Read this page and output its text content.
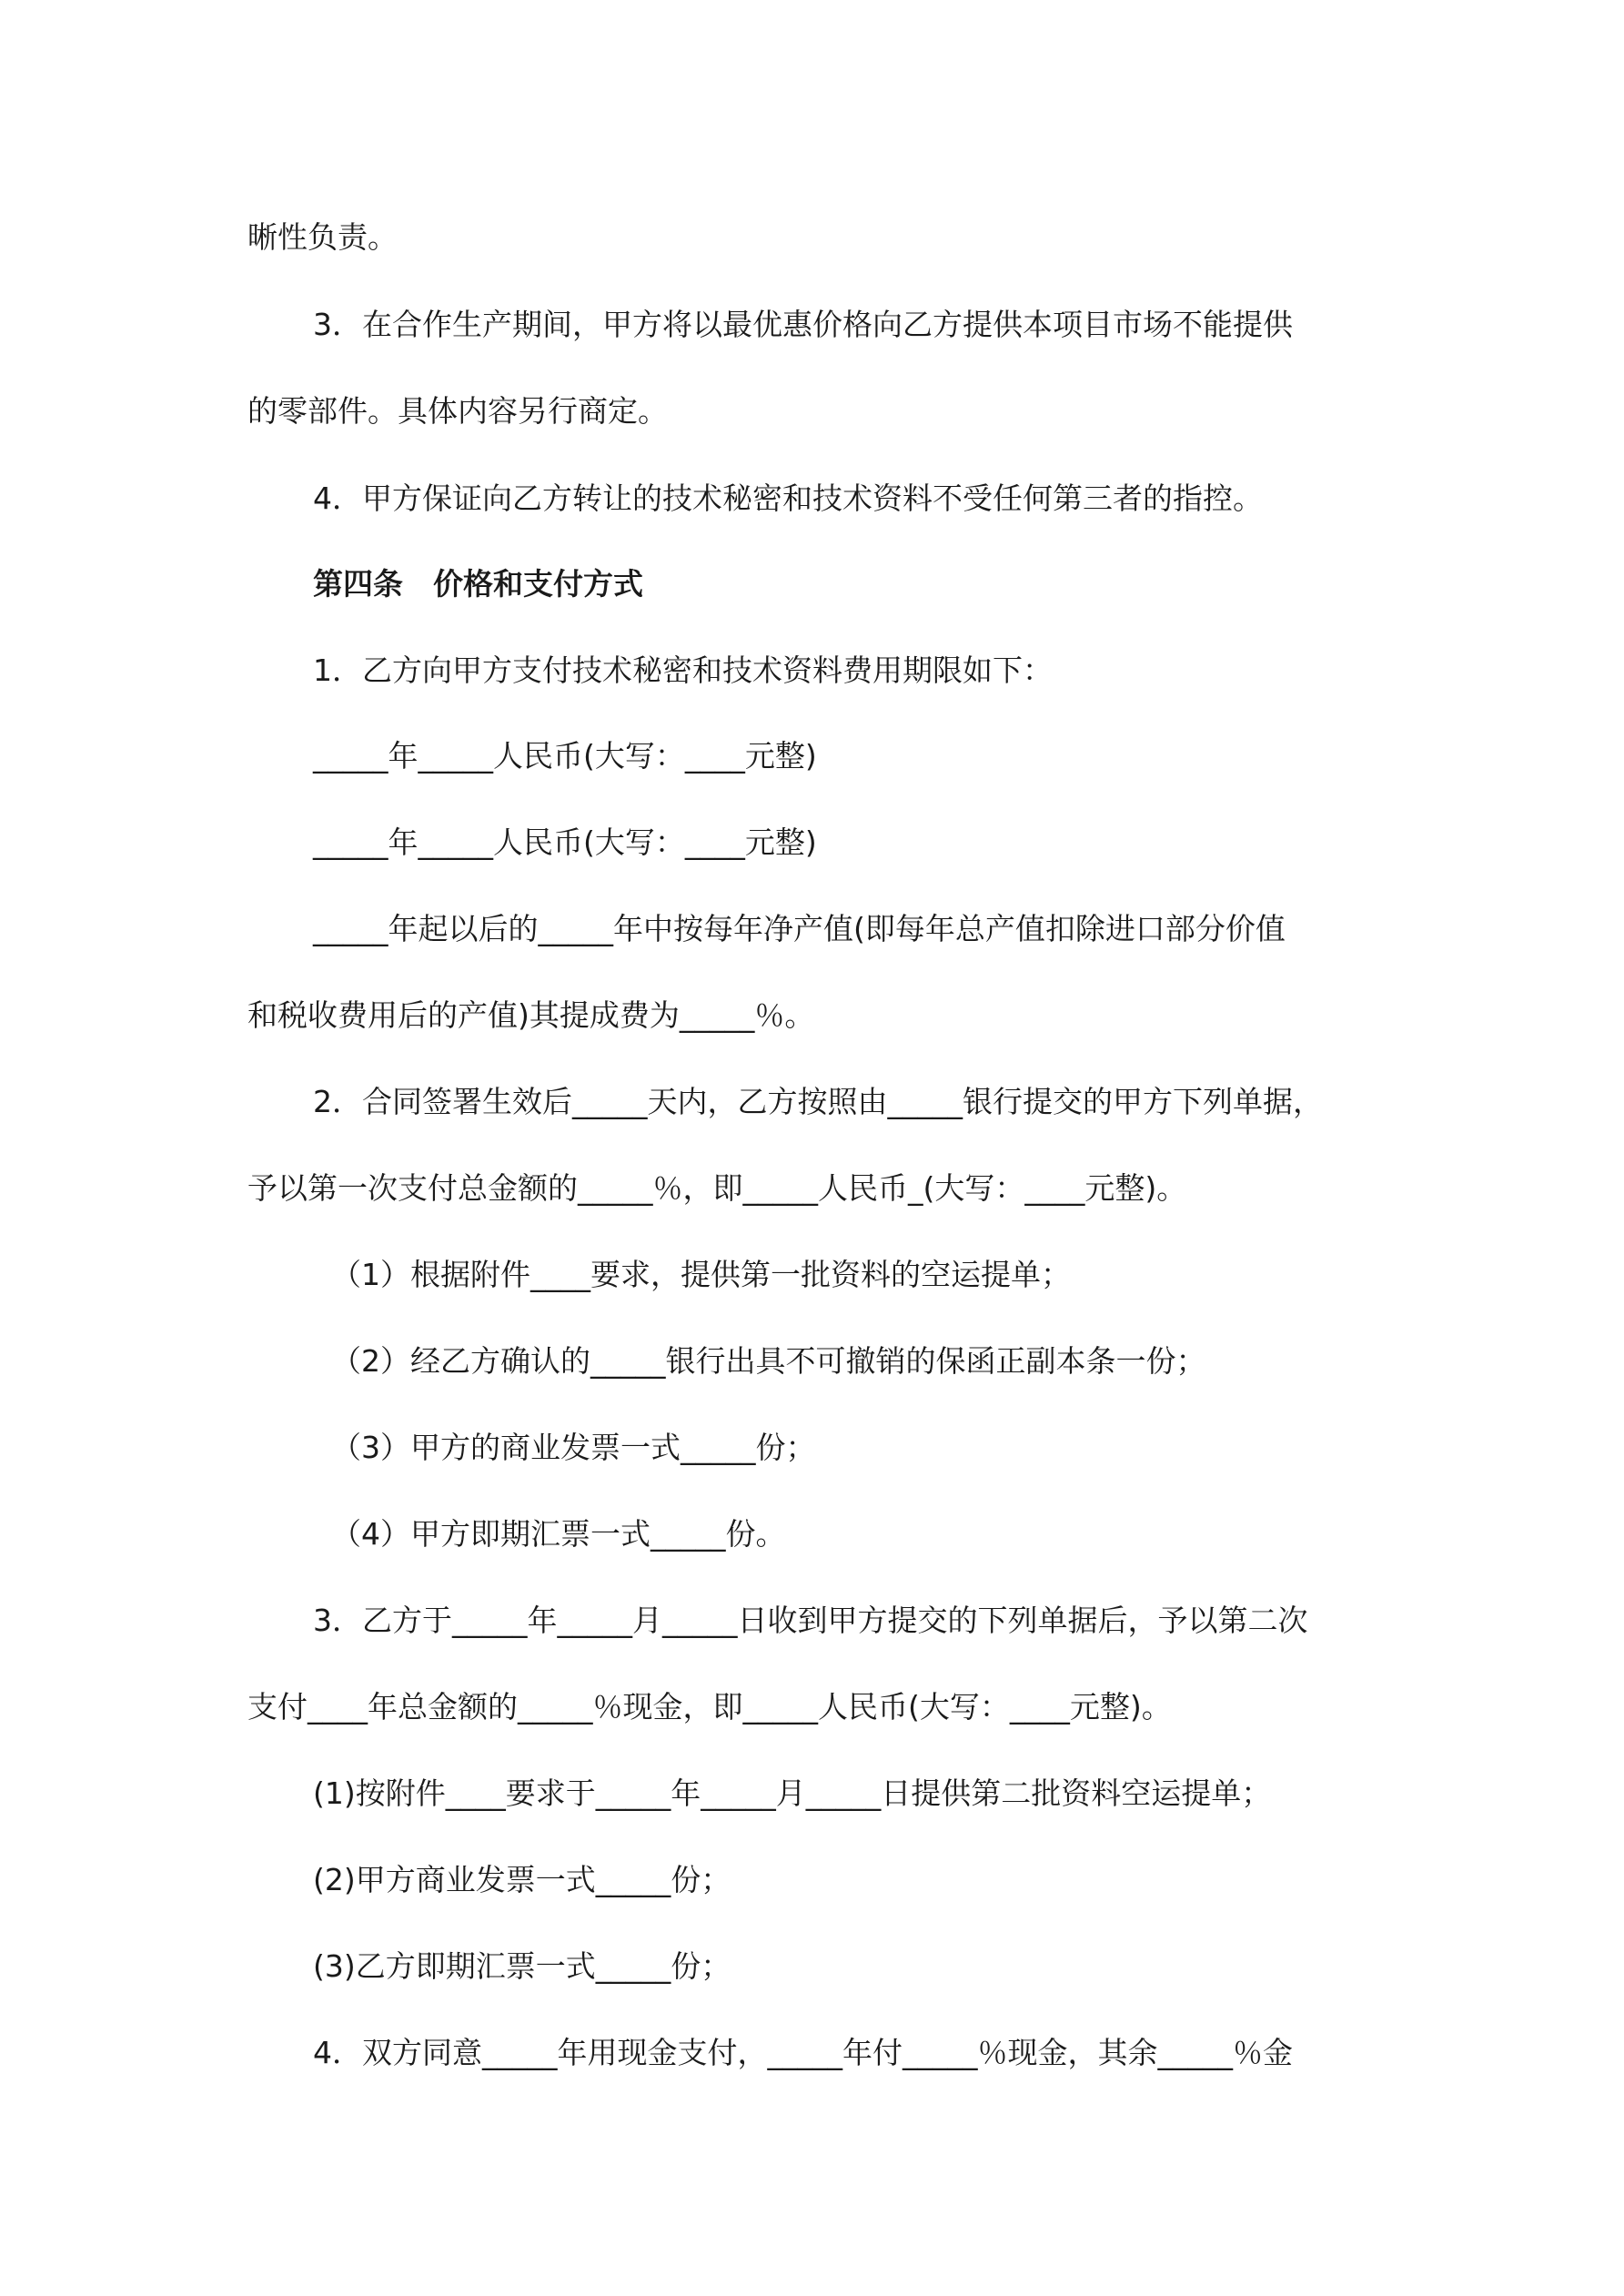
晰性负责。
3．在合作生产期间，甲方将以最优惠价格向乙方提供本项目市场不能提供
的零部件。具体内容另行商定。
4．甲方保证向乙方转让的技术秘密和技术资料不受任何第三者的指控。
第四条　价格和支付方式
1．乙方向甲方支付技术秘密和技术资料费用期限如下：
_____年_____人民币(大写：____元整)
_____年_____人民币(大写：____元整)
_____年起以后的_____年中按每年净产值(即每年总产值扣除进口部分价值
和税收费用后的产值)其提成费为_____％。
2．合同签署生效后_____天内，乙方按照由_____银行提交的甲方下列单据，
予以第一次支付总金额的_____％，即_____人民币_(大写：____元整)。
（1）根据附件____要求，提供第一批资料的空运提单；
（2）经乙方确认的_____银行出具不可撤销的保函正副本条一份；
（3）甲方的商业发票一式_____份；
（4）甲方即期汇票一式_____份。
3．乙方于_____年_____月_____日收到甲方提交的下列单据后，予以第二次
支付____年总金额的_____％现金，即_____人民币(大写：____元整)。
(1)按附件____要求于_____年_____月_____日提供第二批资料空运提单；
(2)甲方商业发票一式_____份；
(3)乙方即期汇票一式_____份；
4．双方同意_____年用现金支付，_____年付_____％现金，其余_____％金
